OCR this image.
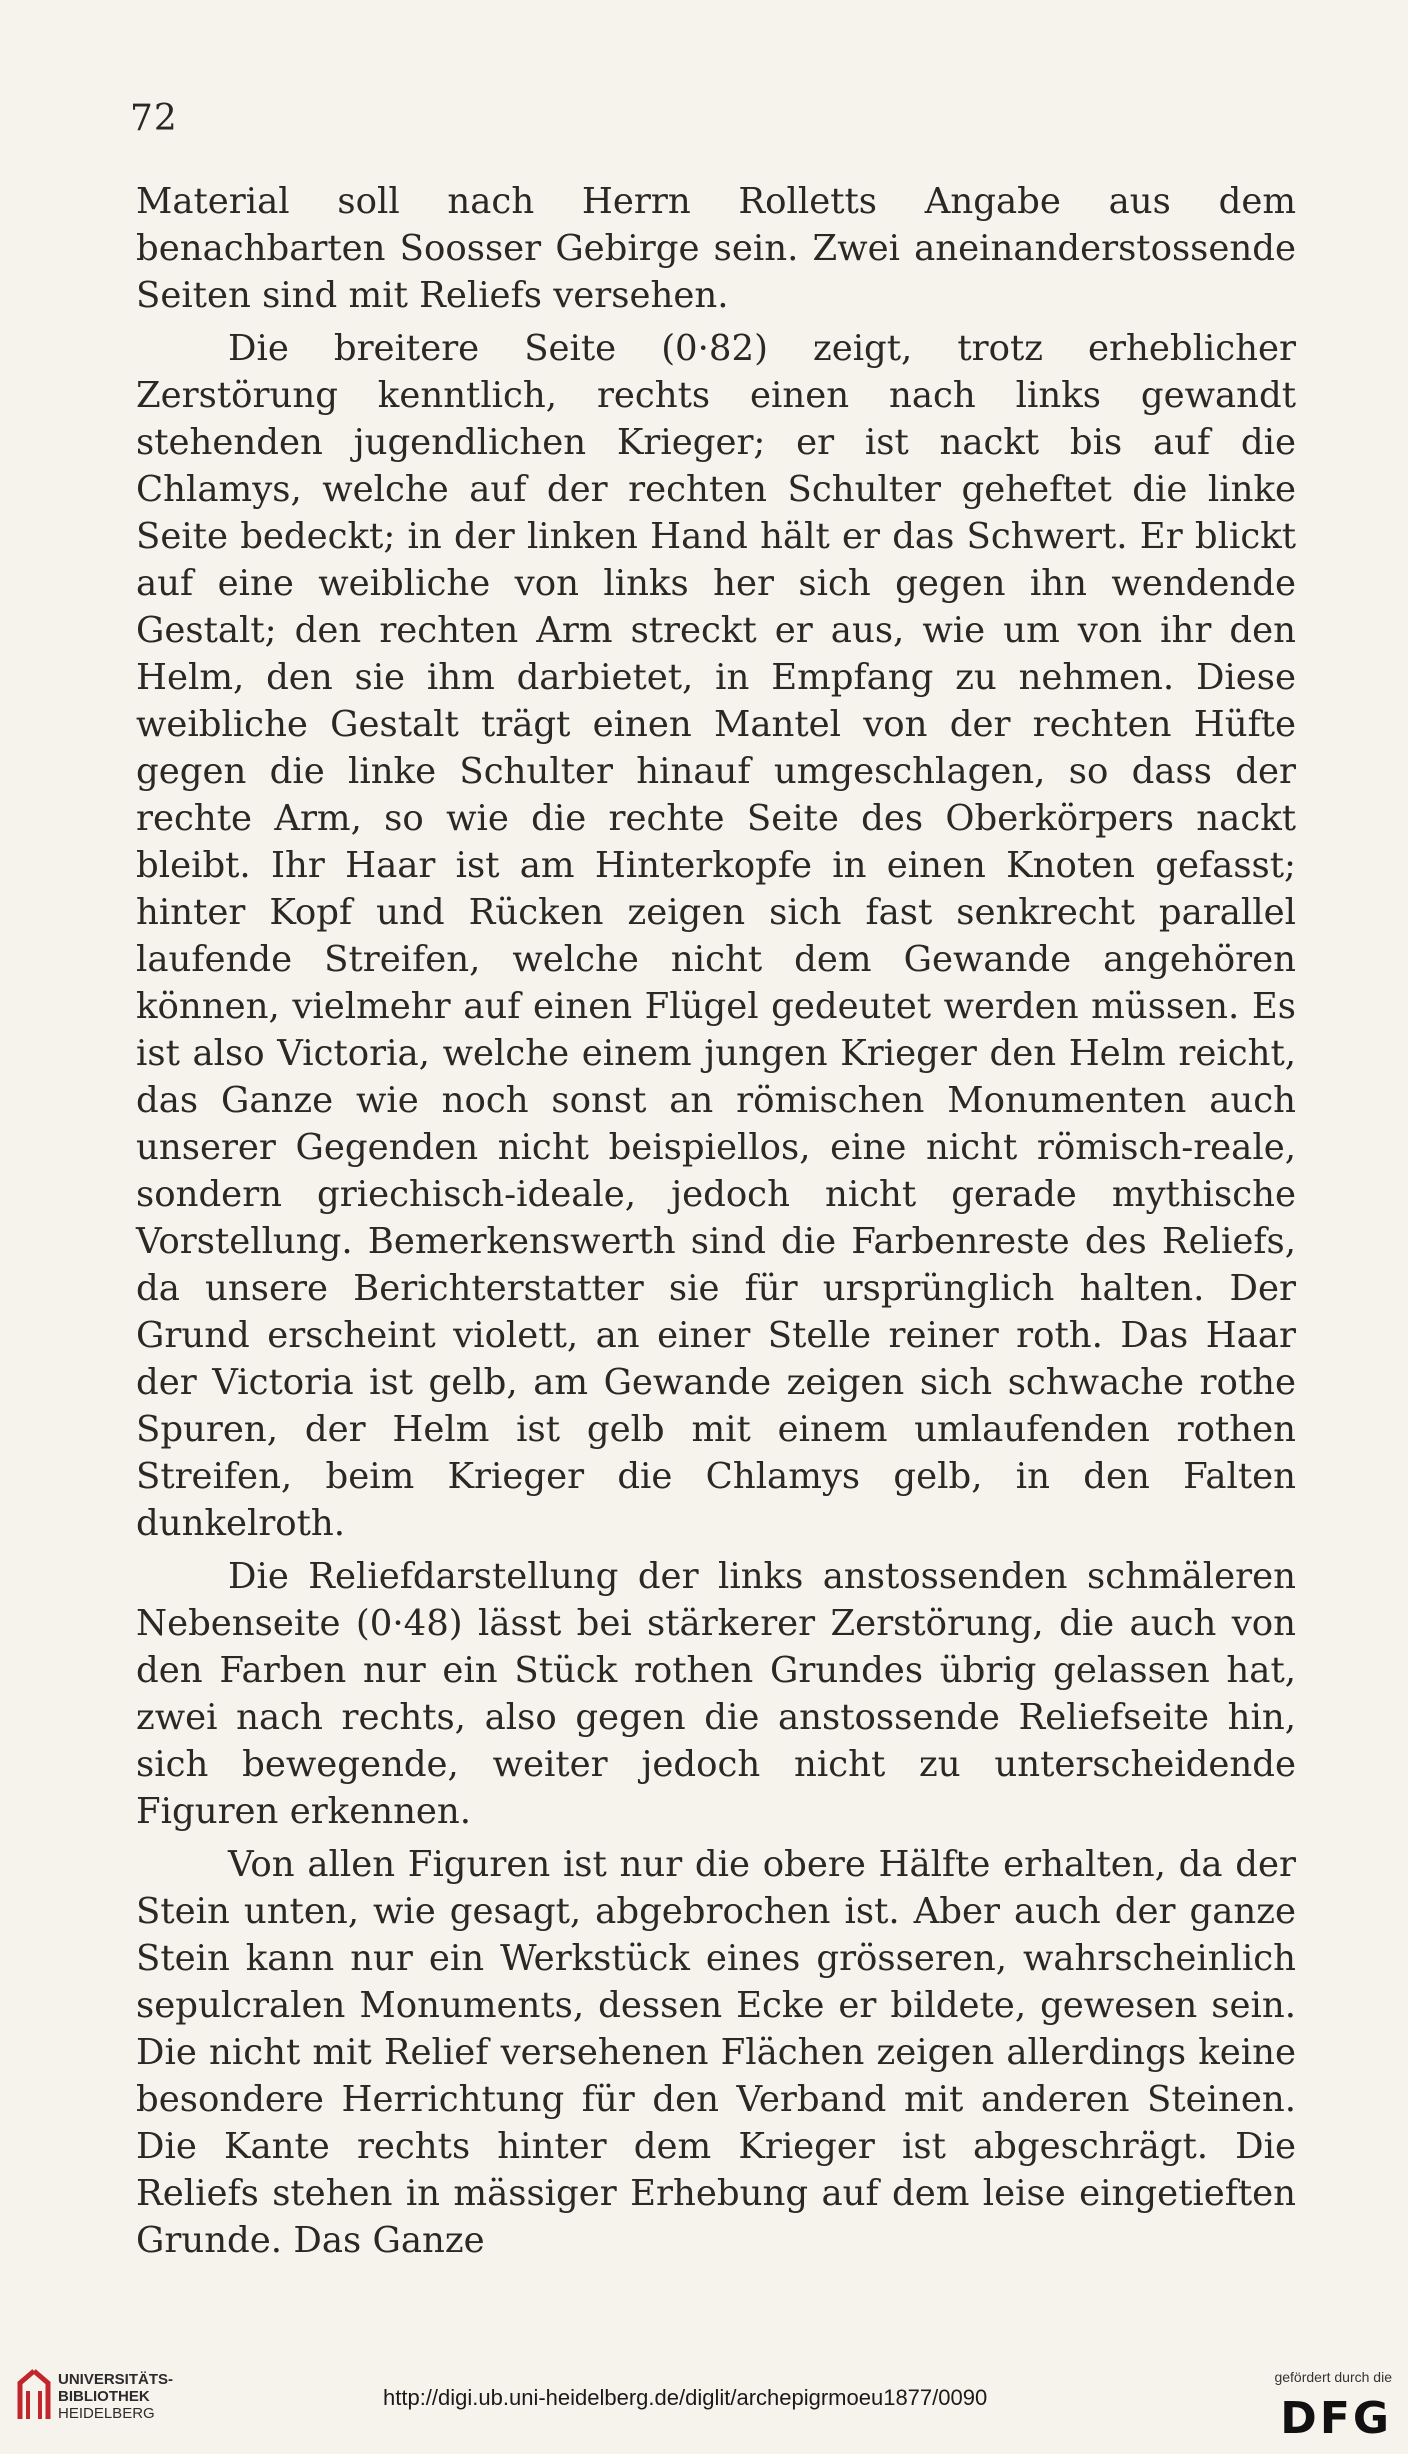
72

Material soll nach Herrn Rolletts Angabe aus dem benachbarten Soosser Gebirge sein. Zwei aneinanderstossende Seiten sind mit Reliefs versehen.

Die breitere Seite (0·82) zeigt, trotz erheblicher Zerstörung kenntlich, rechts einen nach links gewandt stehenden jugendlichen Krieger; er ist nackt bis auf die Chlamys, welche auf der rechten Schulter geheftet die linke Seite bedeckt; in der linken Hand hält er das Schwert. Er blickt auf eine weibliche von links her sich gegen ihn wendende Gestalt; den rechten Arm streckt er aus, wie um von ihr den Helm, den sie ihm darbietet, in Empfang zu nehmen. Diese weibliche Gestalt trägt einen Mantel von der rechten Hüfte gegen die linke Schulter hinauf umgeschlagen, so dass der rechte Arm, so wie die rechte Seite des Oberkörpers nackt bleibt. Ihr Haar ist am Hinterkopfe in einen Knoten gefasst; hinter Kopf und Rücken zeigen sich fast senkrecht parallel laufende Streifen, welche nicht dem Gewande angehören können, vielmehr auf einen Flügel gedeutet werden müssen. Es ist also Victoria, welche einem jungen Krieger den Helm reicht, das Ganze wie noch sonst an römischen Monumenten auch unserer Gegenden nicht beispiellos, eine nicht römisch-reale, sondern griechisch-ideale, jedoch nicht gerade mythische Vorstellung. Bemerkenswerth sind die Farbenreste des Reliefs, da unsere Berichterstatter sie für ursprünglich halten. Der Grund erscheint violett, an einer Stelle reiner roth. Das Haar der Victoria ist gelb, am Gewande zeigen sich schwache rothe Spuren, der Helm ist gelb mit einem umlaufenden rothen Streifen, beim Krieger die Chlamys gelb, in den Falten dunkelroth.

Die Reliefdarstellung der links anstossenden schmäleren Nebenseite (0·48) lässt bei stärkerer Zerstörung, die auch von den Farben nur ein Stück rothen Grundes übrig gelassen hat, zwei nach rechts, also gegen die anstossende Reliefseite hin, sich bewegende, weiter jedoch nicht zu unterscheidende Figuren erkennen.

Von allen Figuren ist nur die obere Hälfte erhalten, da der Stein unten, wie gesagt, abgebrochen ist. Aber auch der ganze Stein kann nur ein Werkstück eines grösseren, wahrscheinlich sepulcralen Monuments, dessen Ecke er bildete, gewesen sein. Die nicht mit Relief versehenen Flächen zeigen allerdings keine besondere Herrichtung für den Verband mit anderen Steinen. Die Kante rechts hinter dem Krieger ist abgeschrägt. Die Reliefs stehen in mässiger Erhebung auf dem leise eingetieften Grunde. Das Ganze

UNIVERSITÄTS-
BIBLIOTHEK
HEIDELBERG
http://digi.ub.uni-heidelberg.de/diglit/archepigrmoeu1877/0090
gefördert durch die
DFG
